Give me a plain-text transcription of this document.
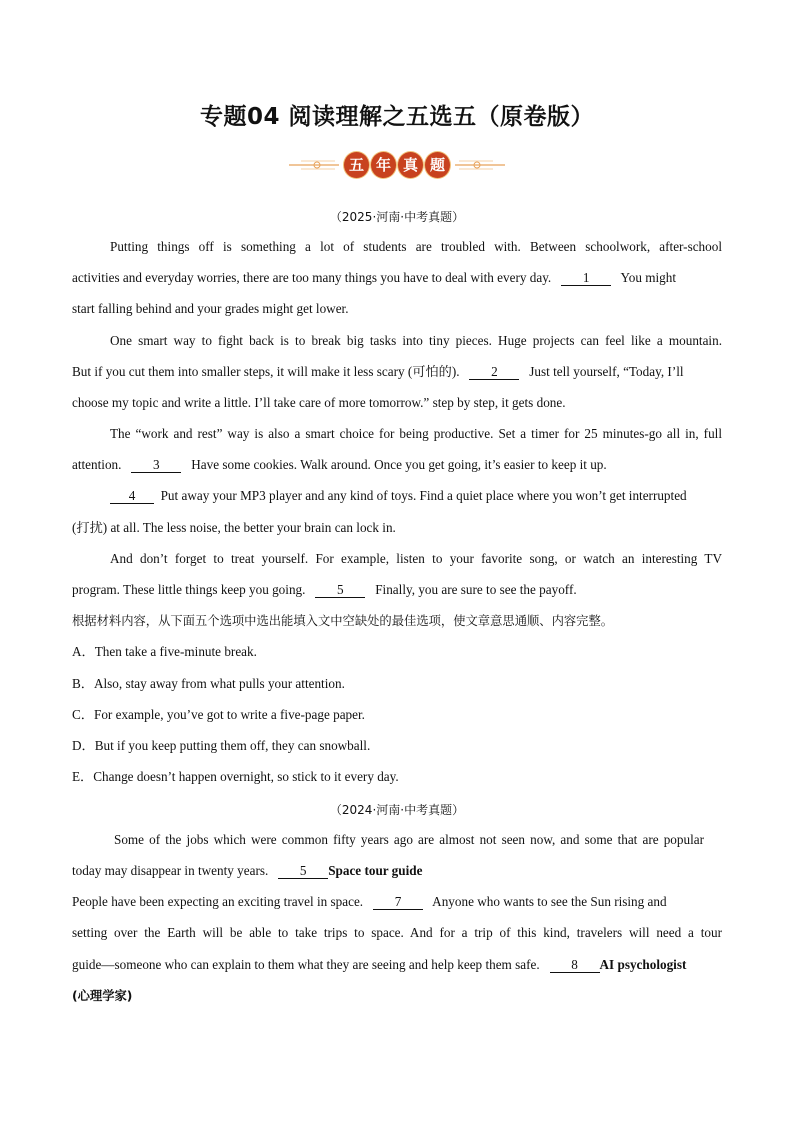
专题04 阅读理解之五选五（原卷版）
五 年 真 题
（2025·河南·中考真题）
Putting things off is something a lot of students are troubled with. Between schoolwork, after-school
activities and everyday worries, there are too many things you have to deal with every day. 1 You might
start falling behind and your grades might get lower.
One smart way to fight back is to break big tasks into tiny pieces. Huge projects can feel like a mountain.
But if you cut them into smaller steps, it will make it less scary (可怕的). 2 Just tell yourself, “Today, I’ll
choose my topic and write a little. I’ll take care of more tomorrow.” step by step, it gets done.
The “work and rest” way is also a smart choice for being productive. Set a timer for 25 minutes-go all in, full
attention. 3 Have some cookies. Walk around. Once you get going, it’s easier to keep it up.
4 Put away your MP3 player and any kind of toys. Find a quiet place where you won’t get interrupted
(打扰) at all. The less noise, the better your brain can lock in.
And don’t forget to treat yourself. For example, listen to your favorite song, or watch an interesting TV
program. These little things keep you going. 5 Finally, you are sure to see the payoff.
根据材料内容，从下面五个选项中选出能填入文中空缺处的最佳选项，使文章意思通顺、内容完整。
A．Then take a five-minute break.
B．Also, stay away from what pulls your attention.
C．For example, you’ve got to write a five-page paper.
D．But if you keep putting them off, they can snowball.
E．Change doesn’t happen overnight, so stick to it every day.
（2024·河南·中考真题）
Some of the jobs which were common fifty years ago are almost not seen now, and some that are popular
today may disappear in twenty years. 5 Space tour guide
People have been expecting an exciting travel in space. 7 Anyone who wants to see the Sun rising and
setting over the Earth will be able to take trips to space. And for a trip of this kind, travelers will need a tour
guide—someone who can explain to them what they are seeing and help keep them safe. 8 AI psychologist
(心理学家)
